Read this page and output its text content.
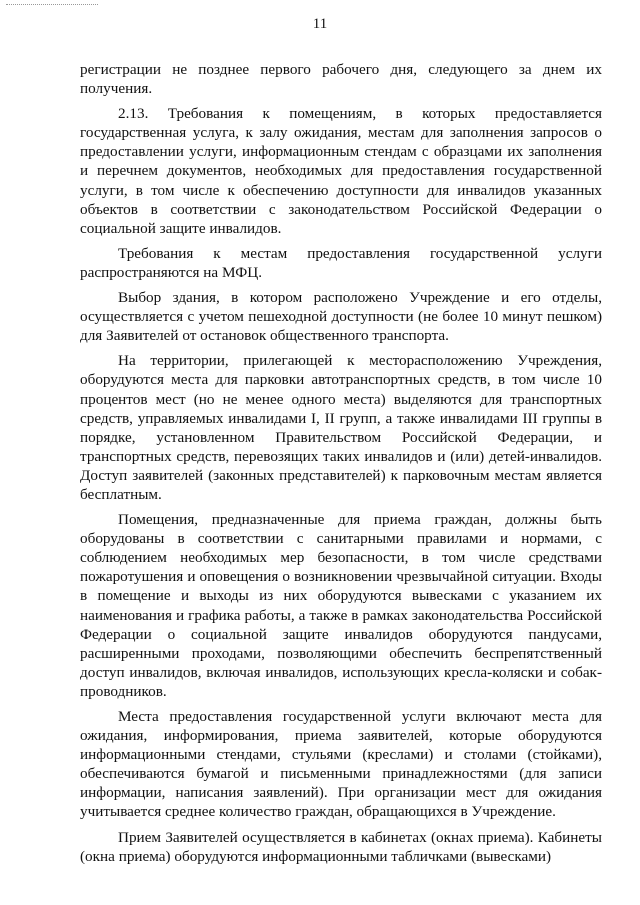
11

регистрации не позднее первого рабочего дня, следующего за днем их получения.

2.13. Требования к помещениям, в которых предоставляется государственная услуга, к залу ожидания, местам для заполнения запросов о предоставлении услуги, информационным стендам с образцами их заполнения и перечнем документов, необходимых для предоставления государственной услуги, в том числе к обеспечению доступности для инвалидов указанных объектов в соответствии с законодательством Российской Федерации о социальной защите инвалидов.

Требования к местам предоставления государственной услуги распространяются на МФЦ.

Выбор здания, в котором расположено Учреждение и его отделы, осуществляется с учетом пешеходной доступности (не более 10 минут пешком) для Заявителей от остановок общественного транспорта.

На территории, прилегающей к месторасположению Учреждения, оборудуются места для парковки автотранспортных средств, в том числе 10 процентов мест (но не менее одного места) выделяются для транспортных средств, управляемых инвалидами I, II групп, а также инвалидами III группы в порядке, установленном Правительством Российской Федерации, и транспортных средств, перевозящих таких инвалидов и (или) детей-инвалидов. Доступ заявителей (законных представителей) к парковочным местам является бесплатным.

Помещения, предназначенные для приема граждан, должны быть оборудованы в соответствии с санитарными правилами и нормами, с соблюдением необходимых мер безопасности, в том числе средствами пожаротушения и оповещения о возникновении чрезвычайной ситуации. Входы в помещение и выходы из них оборудуются вывесками с указанием их наименования и графика работы, а также в рамках законодательства Российской Федерации о социальной защите инвалидов оборудуются пандусами, расширенными проходами, позволяющими обеспечить беспрепятственный доступ инвалидов, включая инвалидов, использующих кресла-коляски и собак-проводников.

Места предоставления государственной услуги включают места для ожидания, информирования, приема заявителей, которые оборудуются информационными стендами, стульями (креслами) и столами (стойками), обеспечиваются бумагой и письменными принадлежностями (для записи информации, написания заявлений). При организации мест для ожидания учитывается среднее количество граждан, обращающихся в Учреждение.

Прием Заявителей осуществляется в кабинетах (окнах приема). Кабинеты (окна приема) оборудуются информационными табличками (вывесками)
